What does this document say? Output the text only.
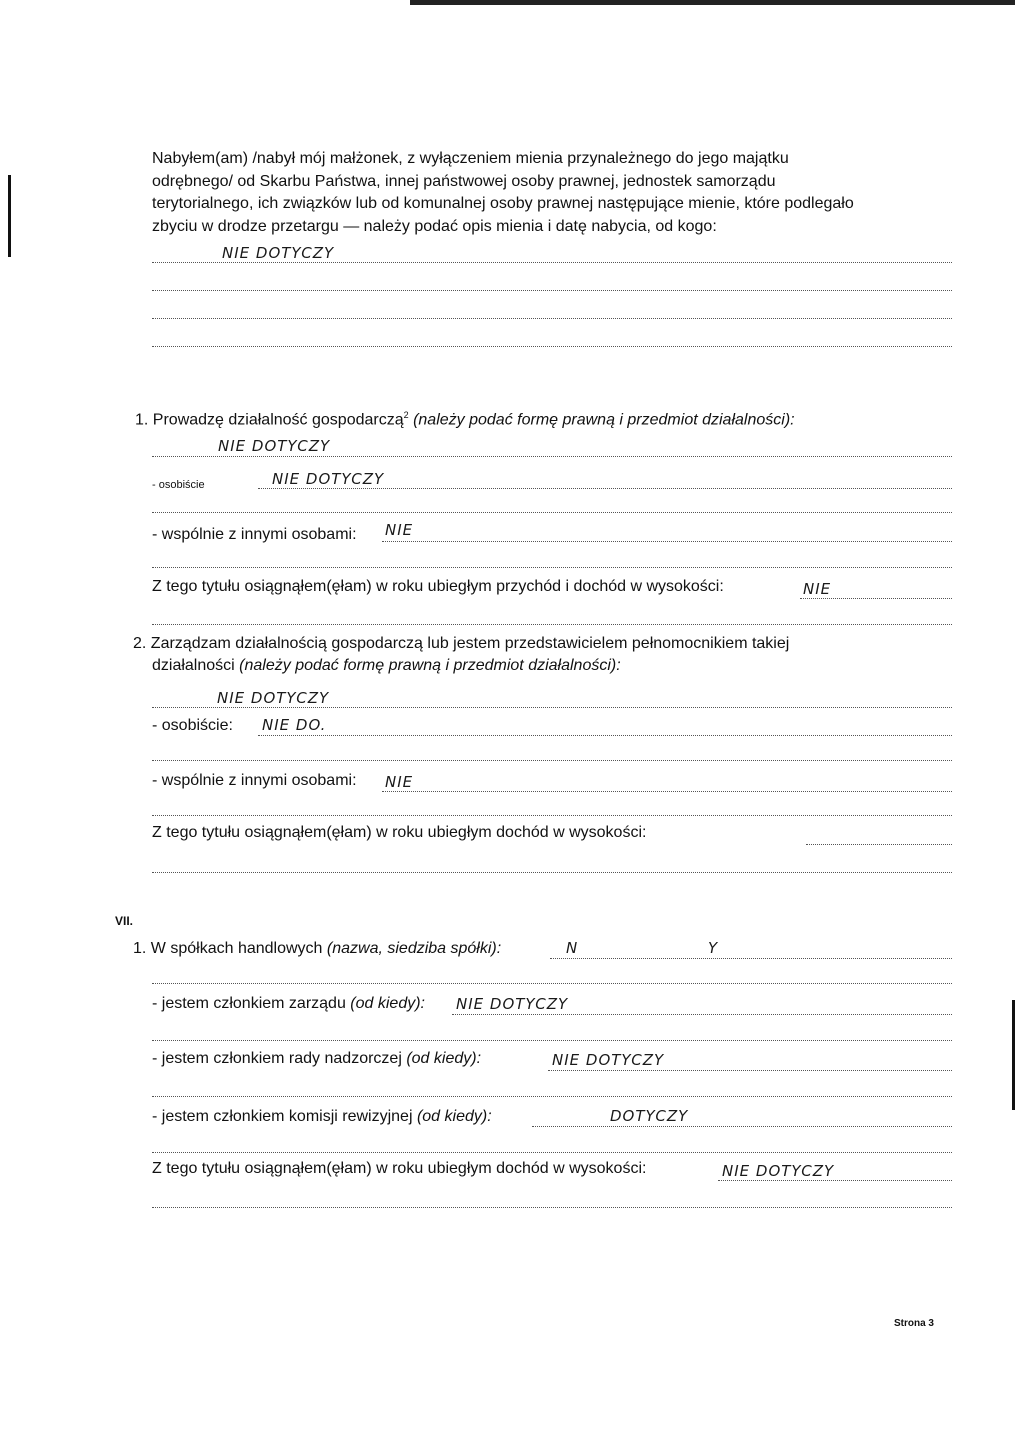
Nabyłem(am) /nabył mój małżonek, z wyłączeniem mienia przynależnego do jego majątku
odrębnego/ od Skarbu Państwa, innej państwowej osoby prawnej, jednostek samorządu
terytorialnego, ich związków lub od komunalnej osoby prawnej następujące mienie, które podlegało
zbyciu w drodze przetargu — należy podać opis mienia i datę nabycia, od kogo:
NIE DOTYCZY
1. Prowadzę działalność gospodarczą$^2$ (należy podać formę prawną i przedmiot działalności):
NIE DOTYCZY
- osobiście	NIE DOTYCZY
- wspólnie z innymi osobami: NIE
Z tego tytułu osiągnąłem(ęłam) w roku ubiegłym przychód i dochód w wysokości:	NIE
2. Zarządzam działalnością gospodarczą lub jestem przedstawicielem pełnomocnikiem takiej
działalności (należy podać formę prawną i przedmiot działalności):
NIE DOTYCZY
- osobiście: NIE DO.
- wspólnie z innymi osobami: NIE
Z tego tytułu osiągnąłem(ęłam) w roku ubiegłym dochód w wysokości:
VII.
1. W spółkach handlowych (nazwa, siedziba spółki):	N	Y
- jestem członkiem zarządu (od kiedy): NIE DOTYCZY
- jestem członkiem rady nadzorczej (od kiedy):	NIE DOTYCZY
- jestem członkiem komisji rewizyjnej (od kiedy):	DOTYCZY
Z tego tytułu osiągnąłem(ęłam) w roku ubiegłym dochód w wysokości:	NIE DOTYCZY
Strona 3
